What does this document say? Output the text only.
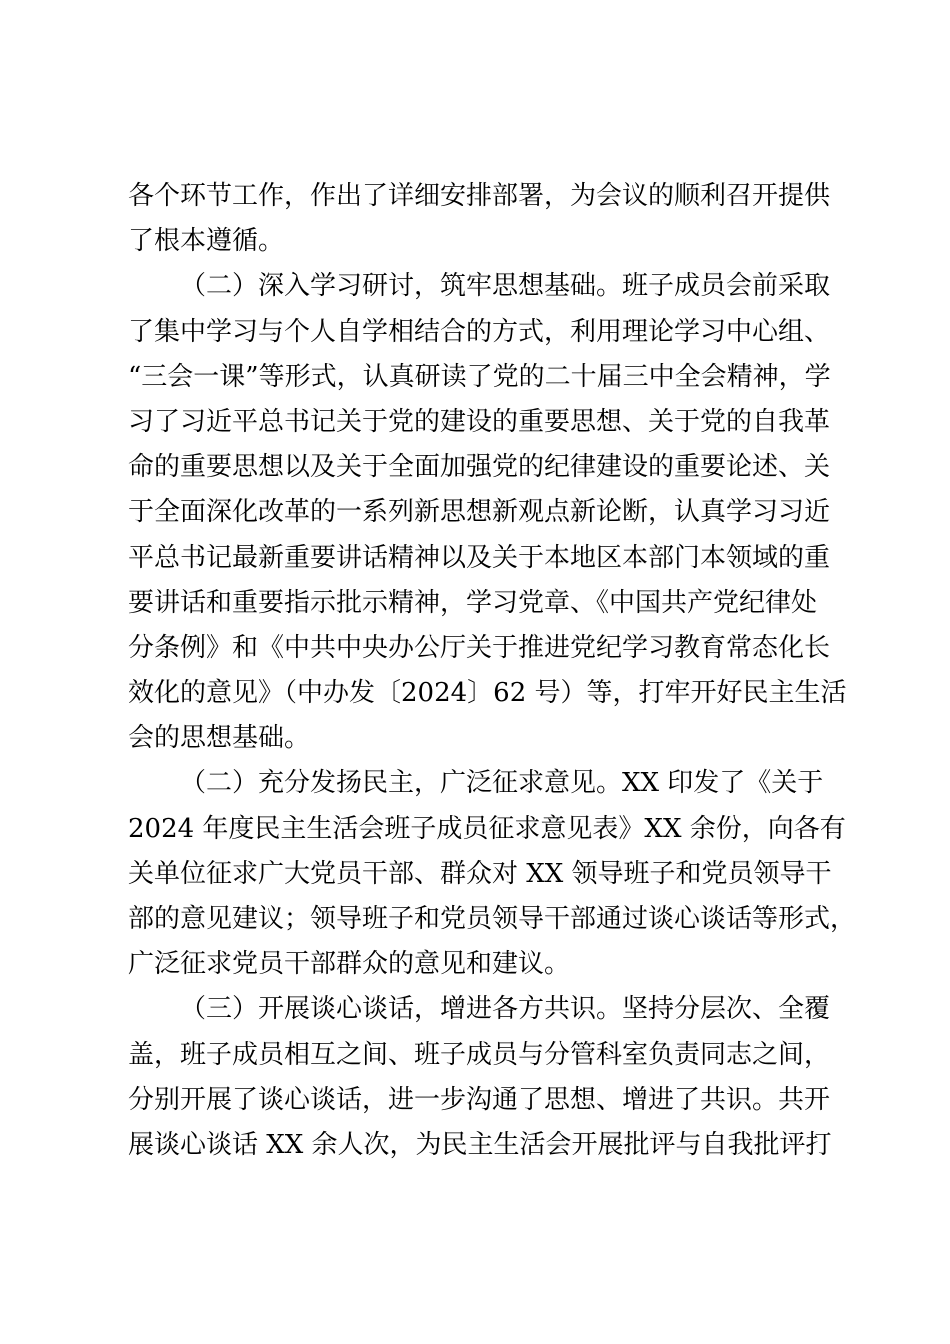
各个环节工作，作出了详细安排部署，为会议的顺利召开提供
了根本遵循。
（二）深入学习研讨，筑牢思想基础。班子成员会前采取
了集中学习与个人自学相结合的方式，利用理论学习中心组、
“三会一课”等形式，认真研读了党的二十届三中全会精神，学
习了习近平总书记关于党的建设的重要思想、关于党的自我革
命的重要思想以及关于全面加强党的纪律建设的重要论述、关
于全面深化改革的一系列新思想新观点新论断，认真学习习近
平总书记最新重要讲话精神以及关于本地区本部门本领域的重
要讲话和重要指示批示精神，学习党章、《中国共产党纪律处
分条例》和《中共中央办公厅关于推进党纪学习教育常态化长
效化的意见》（中办发〔2024〕62 号）等，打牢开好民主生活
会的思想基础。
（二）充分发扬民主，广泛征求意见。XX 印发了《关于
2024 年度民主生活会班子成员征求意见表》XX 余份，向各有
关单位征求广大党员干部、群众对 XX 领导班子和党员领导干
部的意见建议；领导班子和党员领导干部通过谈心谈话等形式，
广泛征求党员干部群众的意见和建议。
（三）开展谈心谈话，增进各方共识。坚持分层次、全覆
盖，班子成员相互之间、班子成员与分管科室负责同志之间，
分别开展了谈心谈话，进一步沟通了思想、增进了共识。共开
展谈心谈话 XX 余人次，为民主生活会开展批评与自我批评打
